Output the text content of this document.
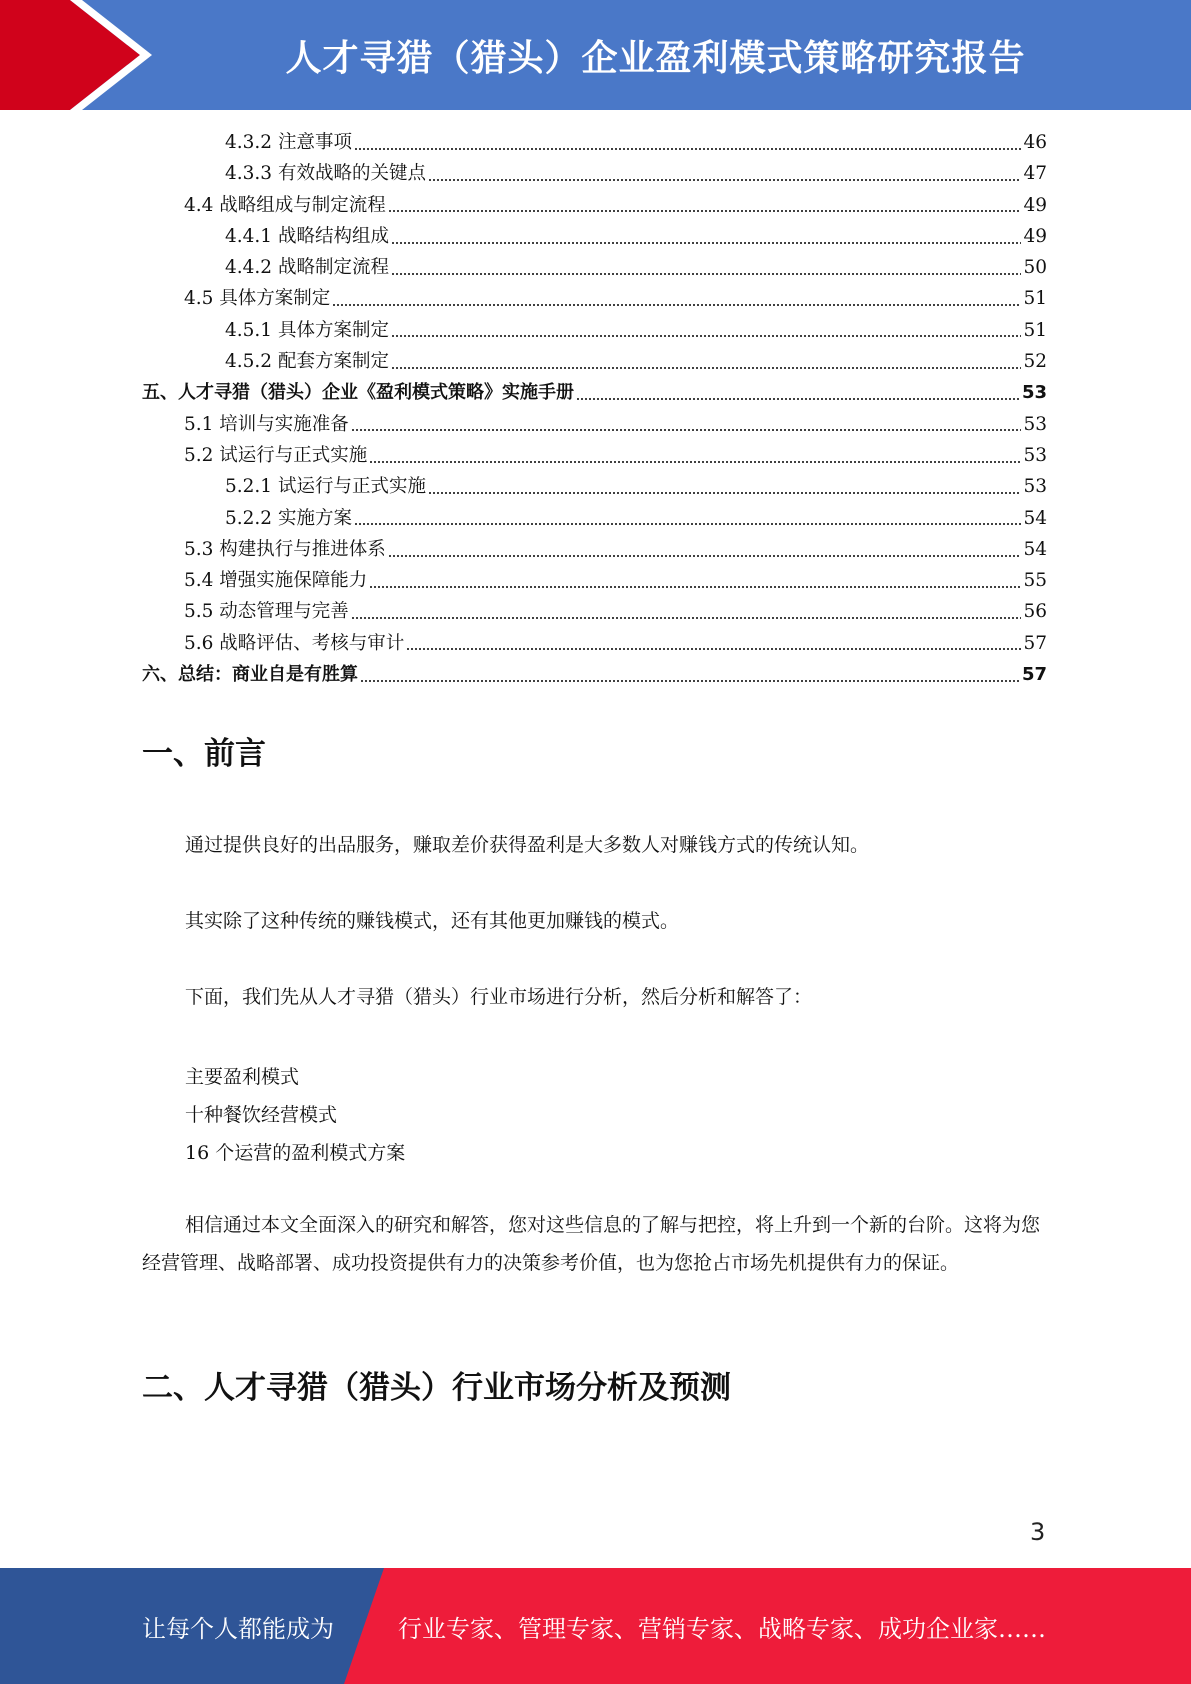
人才寻猎（猎头）企业盈利模式策略研究报告
4.3.2 注意事项	46
4.3.3 有效战略的关键点	47
4.4 战略组成与制定流程	49
4.4.1 战略结构组成	49
4.4.2 战略制定流程	50
4.5 具体方案制定	51
4.5.1 具体方案制定	51
4.5.2 配套方案制定	52
五、人才寻猎（猎头）企业《盈利模式策略》实施手册	53
5.1 培训与实施准备	53
5.2 试运行与正式实施	53
5.2.1 试运行与正式实施	53
5.2.2 实施方案	54
5.3 构建执行与推进体系	54
5.4 增强实施保障能力	55
5.5 动态管理与完善	56
5.6 战略评估、考核与审计	57
六、总结：商业自是有胜算	57
一、前言

通过提供良好的出品服务，赚取差价获得盈利是大多数人对赚钱方式的传统认知。

其实除了这种传统的赚钱模式，还有其他更加赚钱的模式。

下面，我们先从人才寻猎（猎头）行业市场进行分析，然后分析和解答了：

主要盈利模式
十种餐饮经营模式
16 个运营的盈利模式方案

相信通过本文全面深入的研究和解答，您对这些信息的了解与把控，将上升到一个新的台阶。这将为您经营管理、战略部署、成功投资提供有力的决策参考价值，也为您抢占市场先机提供有力的保证。

二、人才寻猎（猎头）行业市场分析及预测
3
让每个人都能成为	行业专家、管理专家、营销专家、战略专家、成功企业家……
